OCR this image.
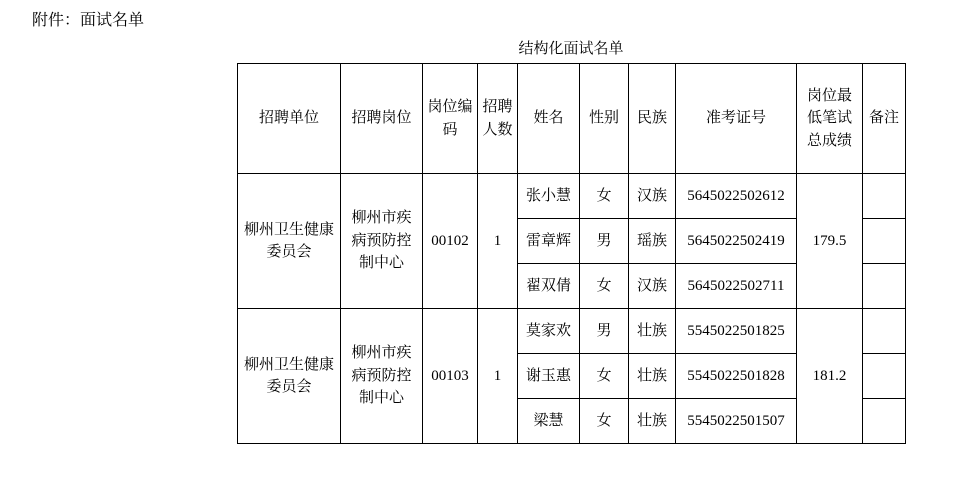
附件：面试名单
结构化面试名单
招聘单位	招聘岗位	岗位编码	招聘人数	姓名	性别	民族	准考证号	岗位最低笔试总成绩	备注
柳州卫生健康委员会	柳州市疾病预防控制中心	00102	1	张小慧	女	汉族	5645022502612	179.5	
				雷章辉	男	瑶族	5645022502419		
				翟双倩	女	汉族	5645022502711		
柳州卫生健康委员会	柳州市疾病预防控制中心	00103	1	莫家欢	男	壮族	5545022501825	181.2	
				谢玉惠	女	壮族	5545022501828		
				梁慧	女	壮族	5545022501507		
